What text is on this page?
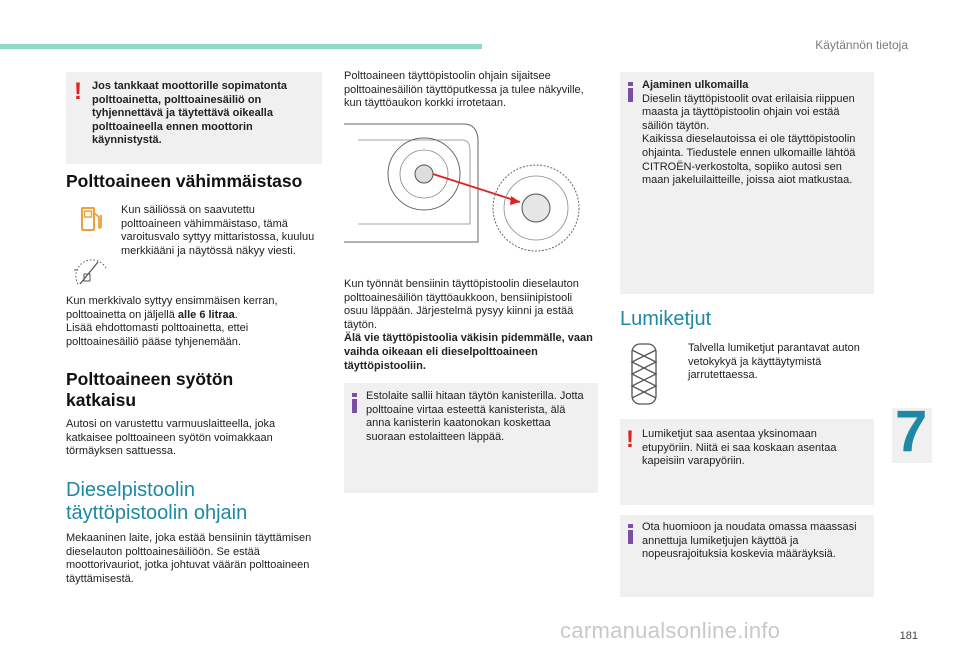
Käytännön tietoja
7
181
carmanualsonline.info
! Jos tankkaat moottorille sopimatonta polttoainetta, polttoainesäiliö on tyhjennettävä ja täytettävä oikealla polttoaineella ennen moottorin käynnistystä.
Polttoaineen vähimmäistaso
Kun säiliössä on saavutettu polttoaineen vähimmäistaso, tämä varoitusvalo syttyy mittaristossa, kuuluu merkkiääni ja näytössä näkyy viesti.
Kun merkkivalo syttyy ensimmäisen kerran, polttoainetta on jäljellä alle 6 litraa.
Lisää ehdottomasti polttoainetta, ettei polttoainesäiliö pääse tyhjenemään.
Polttoaineen syötön katkaisu
Autosi on varustettu varmuuslaitteella, joka katkaisee polttoaineen syötön voimakkaan törmäyksen sattuessa.
Dieselpistoolin
täyttöpistoolin ohjain
Mekaaninen laite, joka estää bensiinin täyttämisen dieselauton polttoainesäiliöön. Se estää moottorivauriot, jotka johtuvat väärän polttoaineen täyttämisestä.
Polttoaineen täyttöpistoolin ohjain sijaitsee polttoainesäiliön täyttöputkessa ja tulee näkyville, kun täyttöaukon korkki irrotetaan.
Kun työnnät bensiinin täyttöpistoolin dieselauton polttoainesäiliön täyttöaukkoon, bensiinipistooli osuu läppään. Järjestelmä pysyy kiinni ja estää täytön.
Älä vie täyttöpistoolia väkisin pidemmälle, vaan vaihda oikeaan eli dieselpolttoaineen täyttöpistooliin.
Estolaite sallii hitaan täytön kanisterilla. Jotta polttoaine virtaa esteettä kanisterista, älä anna kanisterin kaatonokan koskettaa suoraan estolaitteen läppää.
Ajaminen ulkomailla
Dieselin täyttöpistoolit ovat erilaisia riippuen maasta ja täyttöpistoolin ohjain voi estää säiliön täytön.
Kaikissa dieselautoissa ei ole täyttöpistoolin ohjainta. Tiedustele ennen ulkomaille lähtöä CITROËN-verkostolta, sopiiko autosi sen maan jakeluilaitteille, joissa aiot matkustaa.
Lumiketjut
Talvella lumiketjut parantavat auton vetokykyä ja käyttäytymistä jarrutettaessa.
! Lumiketjut saa asentaa yksinomaan etupyöriin. Niitä ei saa koskaan asentaa kapeisiin varapyöriin.
Ota huomioon ja noudata omassa maassasi annettuja lumiketjujen käyttöä ja nopeusrajoituksia koskevia määräyksiä.
